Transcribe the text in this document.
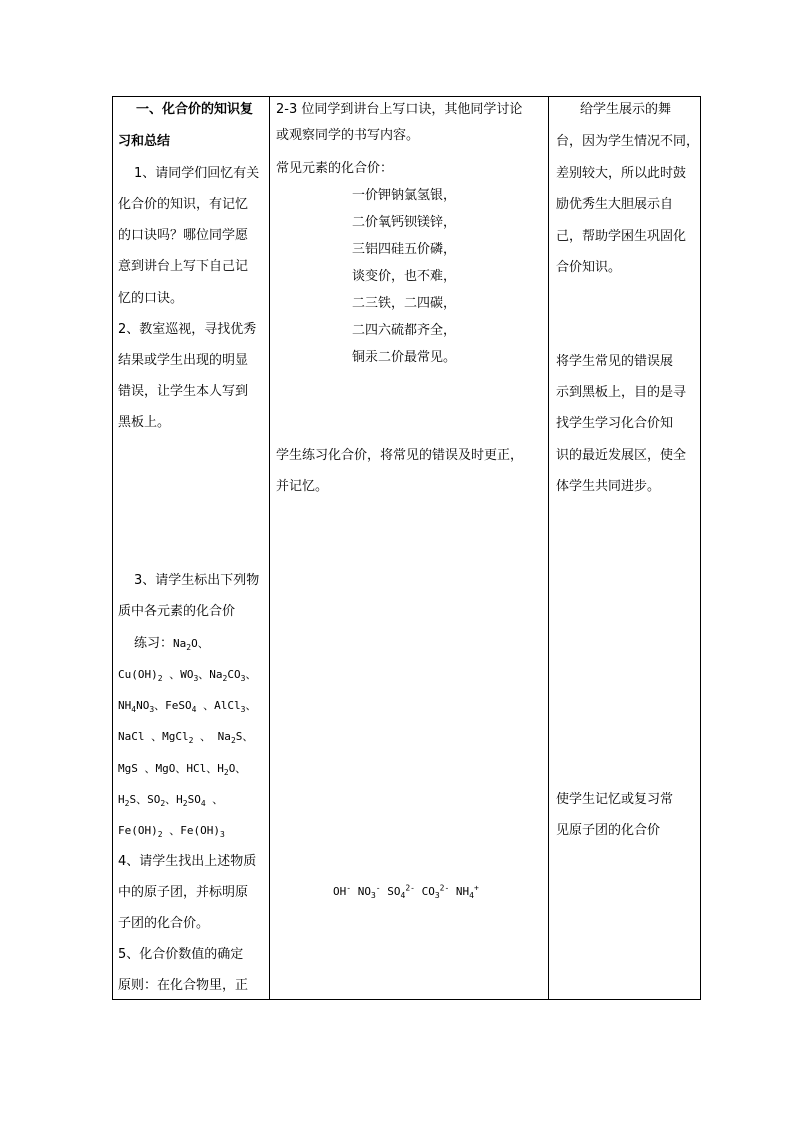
一、化合价的知识复
习和总结
1、请同学们回忆有关
化合价的知识，有记忆
的口诀吗？哪位同学愿
意到讲台上写下自己记
忆的口诀。
2、教室巡视，寻找优秀
结果或学生出现的明显
错误，让学生本人写到
黑板上。
3、请学生标出下列物
质中各元素的化合价
练习：$Na_2O$、
$Cu(OH)_2$ 、$WO_3$、$Na_2CO_3$、
$NH_4NO_3$、FeSO$_4$ 、AlCl$_3$、
NaCl 、MgCl$_2$ 、 $Na_2S$、
MgS 、MgO、HCl、$H_2O$、
$H_2S$、$SO_2$、$H_2SO_4$ 、
$Fe(OH)_2$ 、$Fe(OH)_3$
4、请学生找出上述物质
中的原子团，并标明原
子团的化合价。
5、化合价数值的确定
原则：在化合物里，正
2-3 位同学到讲台上写口诀，其他同学讨论
或观察同学的书写内容。
常见元素的化合价：
一价钾钠氯氢银，
二价氧钙钡镁锌，
三铝四硅五价磷，
谈变价，也不难，
二三铁，二四碳，
二四六硫都齐全，
铜汞二价最常见。
学生练习化合价，将常见的错误及时更正，
并记忆。
OH- $NO_3^-$ $SO_4^{2-}$ $CO_3^{2-}$ $NH_4^+$
给学生展示的舞
台，因为学生情况不同，
差别较大，所以此时鼓
励优秀生大胆展示自
己，帮助学困生巩固化
合价知识。
将学生常见的错误展
示到黑板上，目的是寻
找学生学习化合价知
识的最近发展区，使全
体学生共同进步。
使学生记忆或复习常
见原子团的化合价
